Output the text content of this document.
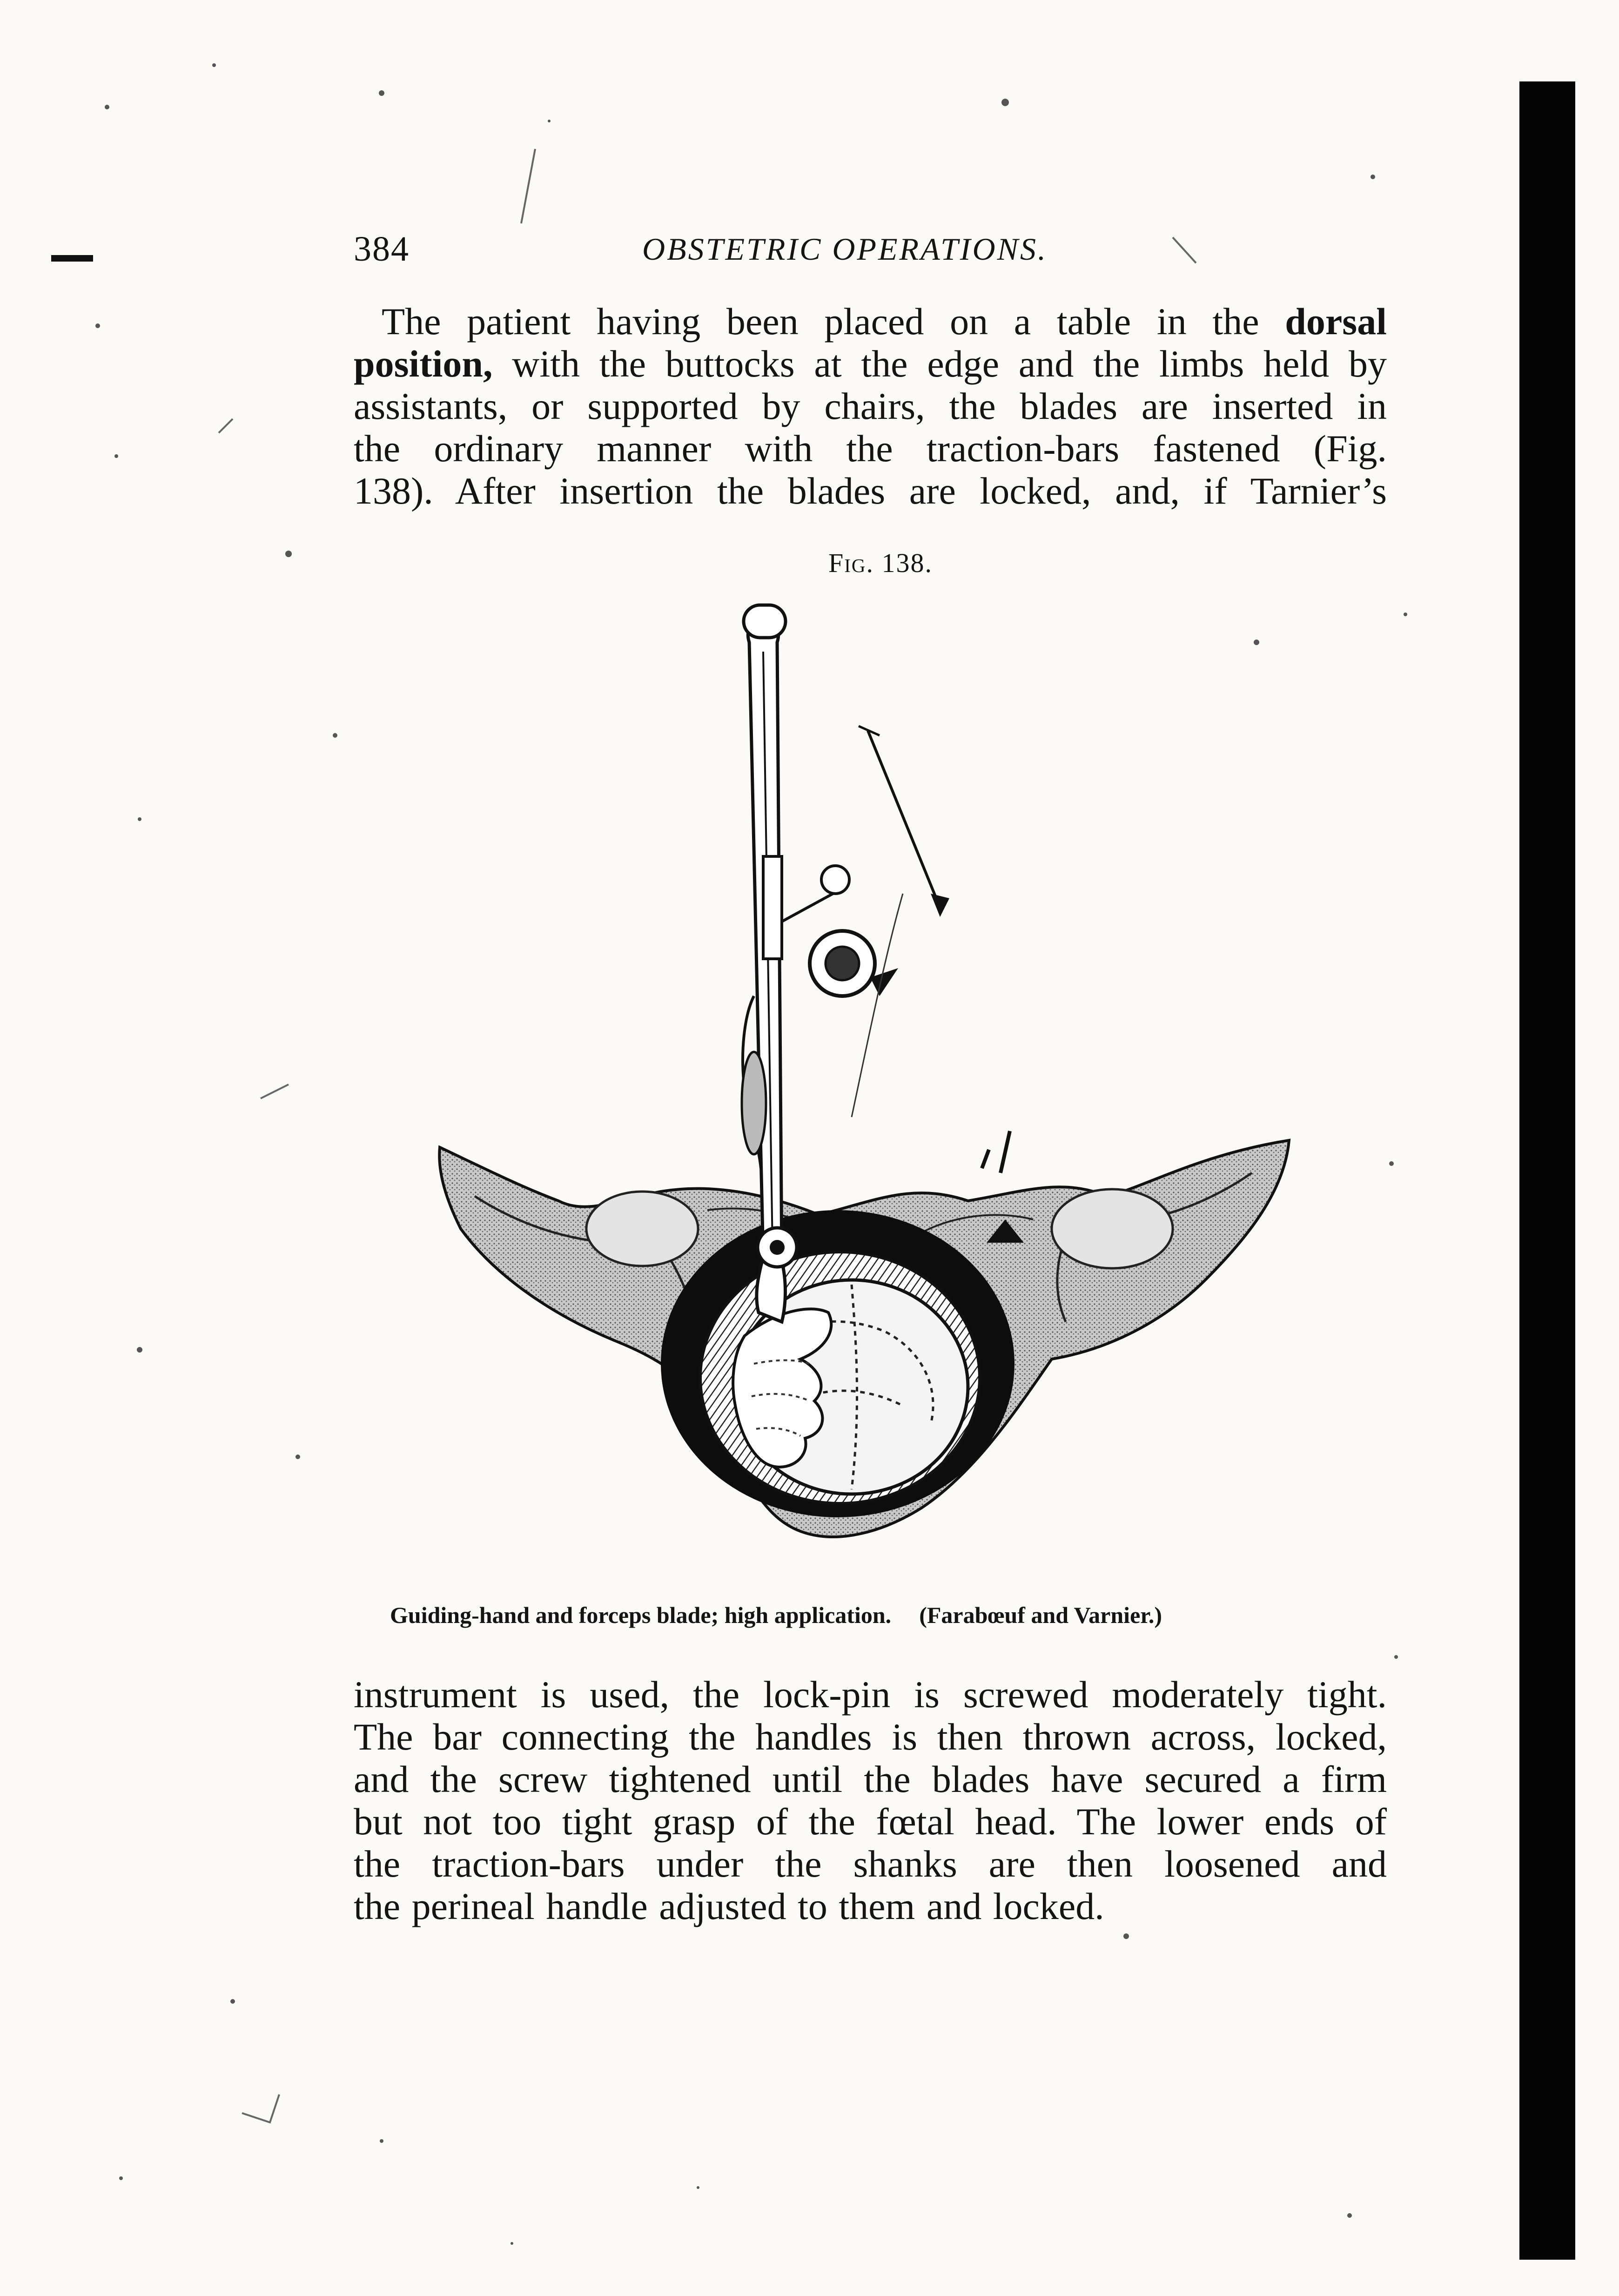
384	OBSTETRIC OPERATIONS.
The patient having been placed on a table in the dorsal
position, with the buttocks at the edge and the limbs held by
assistants, or supported by chairs, the blades are inserted in
the ordinary manner with the traction-bars fastened (Fig.
138). After insertion the blades are locked, and, if Tarnier’s
Fig. 138.
Guiding-hand and forceps blade; high application. (Farabœuf and Varnier.)
instrument is used, the lock-pin is screwed moderately tight.
The bar connecting the handles is then thrown across, locked,
and the screw tightened until the blades have secured a firm
but not too tight grasp of the fœtal head. The lower ends of
the traction-bars under the shanks are then loosened and
the perineal handle adjusted to them and locked.
